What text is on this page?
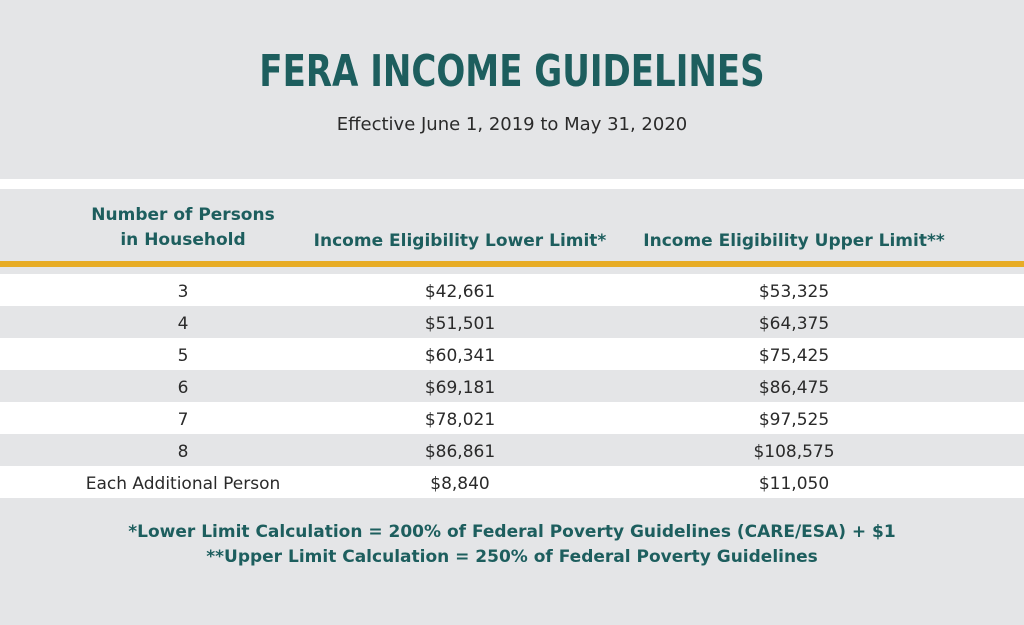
FERA INCOME GUIDELINES
Effective June 1, 2019 to May 31, 2020
Number of Persons
in Household	Income Eligibility Lower Limit*	Income Eligibility Upper Limit**
3	$42,661	$53,325
4	$51,501	$64,375
5	$60,341	$75,425
6	$69,181	$86,475
7	$78,021	$97,525
8	$86,861	$108,575
Each Additional Person	$8,840	$11,050
*Lower Limit Calculation = 200% of Federal Poverty Guidelines (CARE/ESA) + $1
**Upper Limit Calculation = 250% of Federal Poverty Guidelines
